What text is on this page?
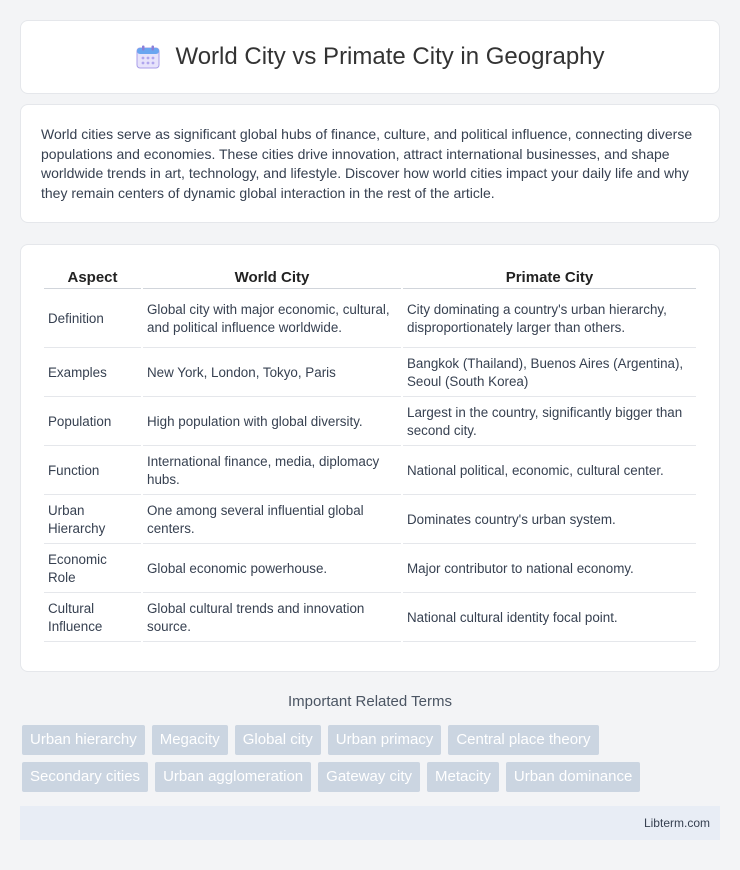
World City vs Primate City in Geography

World cities serve as significant global hubs of finance, culture, and political influence, connecting diverse populations and economies. These cities drive innovation, attract international businesses, and shape worldwide trends in art, technology, and lifestyle. Discover how world cities impact your daily life and why they remain centers of dynamic global interaction in the rest of the article.

Aspect	World City	Primate City
Definition	Global city with major economic, cultural, and political influence worldwide.	City dominating a country's urban hierarchy, disproportionately larger than others.
Examples	New York, London, Tokyo, Paris	Bangkok (Thailand), Buenos Aires (Argentina), Seoul (South Korea)
Population	High population with global diversity.	Largest in the country, significantly bigger than second city.
Function	International finance, media, diplomacy hubs.	National political, economic, cultural center.
Urban Hierarchy	One among several influential global centers.	Dominates country's urban system.
Economic Role	Global economic powerhouse.	Major contributor to national economy.
Cultural Influence	Global cultural trends and innovation source.	National cultural identity focal point.
Important Related Terms
Urban hierarchy	Megacity	Global city	Urban primacy	Central place theory
Secondary cities	Urban agglomeration	Gateway city	Metacity	Urban dominance
Libterm.com
